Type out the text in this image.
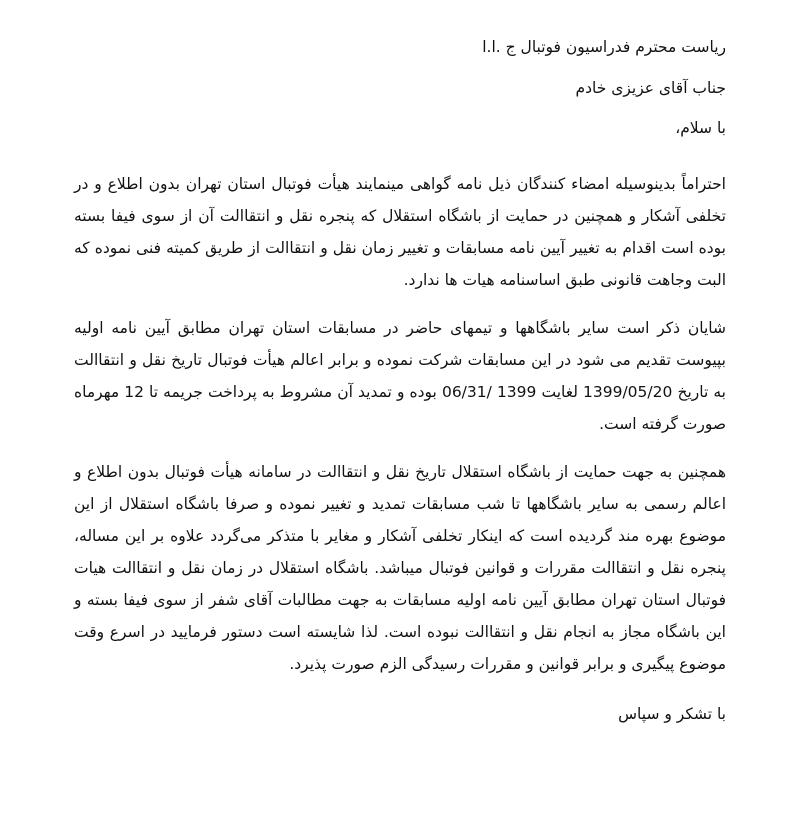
ریاست محترم فدراسیون فوتبال ج .ا.ا

جناب آقای عزیزی خادم

با سلام،

احتراماً بدینوسیله امضاء کنندگان ذیل نامه گواهی مینمایند هیأت فوتبال استان تهران بدون اطلاع و در تخلفی آشکار و همچنین در حمایت از باشگاه استقلال که پنجره نقل و انتقاالت آن از سوی فیفا بسته بوده است اقدام به تغییر آیین نامه مسابقات و تغییر زمان نقل و انتقاالت از طریق کمیته فنی نموده که البت وجاهت قانونی طبق اساسنامه هیات ها ندارد.

شایان ذکر است سایر باشگاهها و تیمهای حاضر در مسابقات استان تهران مطابق آیین نامه اولیه بپیوست تقدیم می شود در این مسابقات شرکت نموده و برابر اعالم هیأت فوتبال تاریخ نقل و انتقاالت به تاریخ 1399/05/20 لغایت 1399 /06/31 بوده و تمدید آن مشروط به پرداخت جریمه تا 12 مهرماه صورت گرفته است.

همچنین به جهت حمایت از باشگاه استقلال تاریخ نقل و انتقاالت در سامانه هیأت فوتبال بدون اطلاع و اعالم رسمی به سایر باشگاهها تا شب مسابقات تمدید و تغییر نموده و صرفا باشگاه استقلال از این موضوع بهره مند گردیده است که اینکار تخلفی آشکار و مغایر با متذکر می‌گردد علاوه بر این مساله، پنجره نقل و انتقاالت مقررات و قوانین فوتبال میباشد. باشگاه استقلال در زمان نقل و انتقاالت هیات فوتبال استان تهران مطابق آیین نامه اولیه مسابقات به جهت مطالبات آقای شفر از سوی فیفا بسته و این باشگاه مجاز به انجام نقل و انتقاالت نبوده است. لذا شایسته است دستور فرمایید در اسرع وقت موضوع پیگیری و برابر قوانین و مقررات رسیدگی الزم صورت پذیرد.

با تشکر و سپاس
